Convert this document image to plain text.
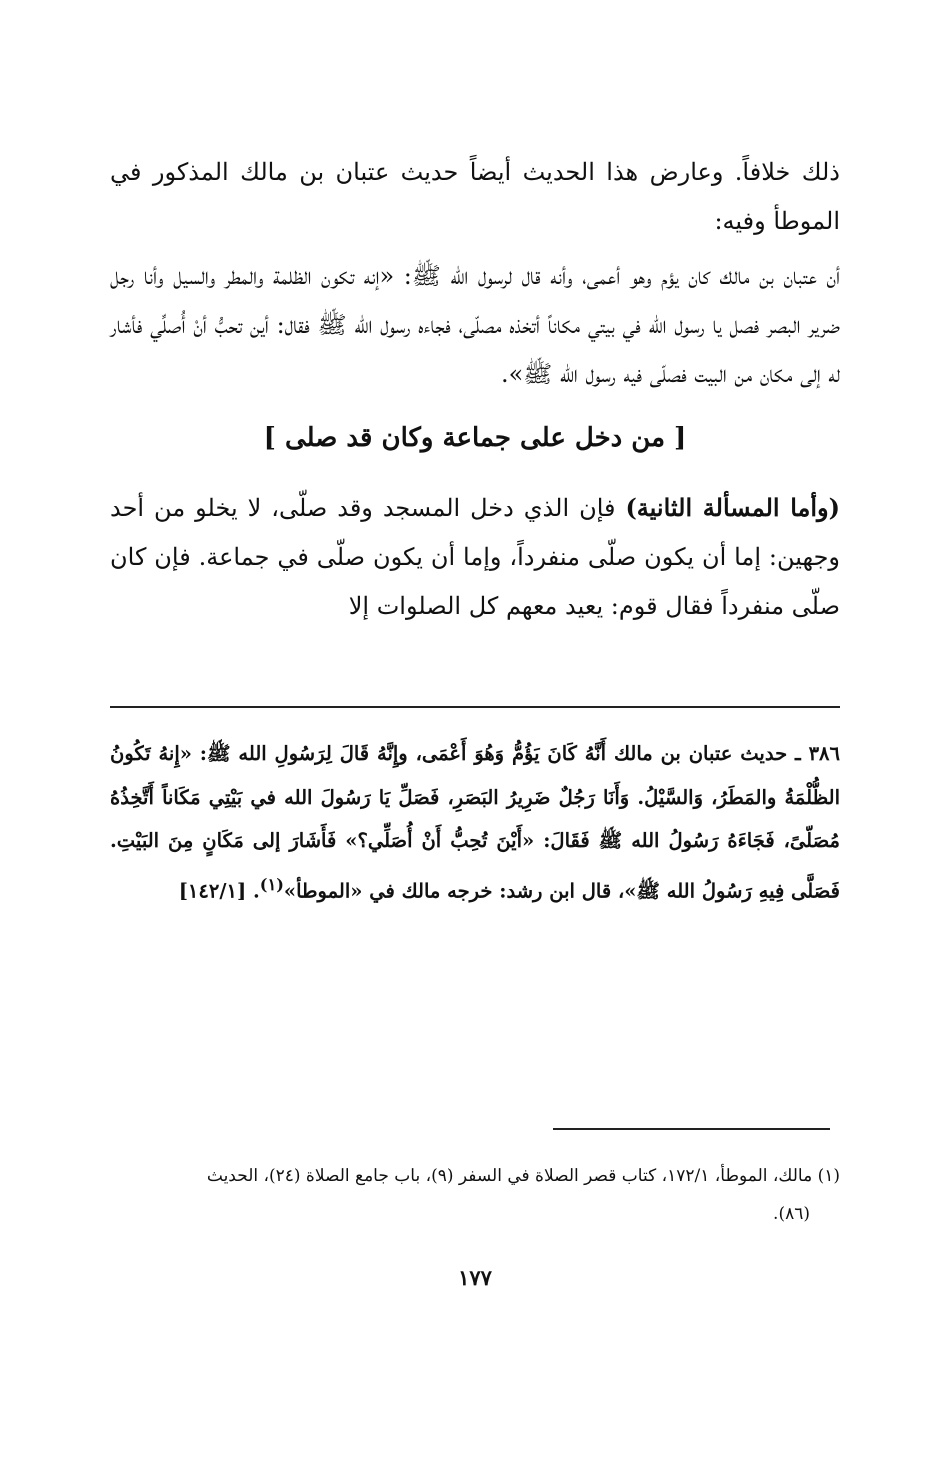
ذلك خلافاً. وعارض هذا الحديث أيضاً حديث عتبان بن مالك المذكور في الموطأ وفيه:

أن عتبان بن مالك كان يؤم وهو أعمى، وأنه قال لرسول الله ﷺ: «إنه تكون الظلمة والمطر والسيل وأنا رجل ضرير البصر فصل يا رسول الله في بيتي مكاناً أتخذه مصلّى، فجاءه رسول الله ﷺ فقال: أين تحبُّ أنْ أُصلِّي فأشار له إلى مكان من البيت فصلّى فيه رسول الله ﷺ».

[ من دخل على جماعة وكان قد صلى ]

(وأما المسألة الثانية) فإن الذي دخل المسجد وقد صلّى، لا يخلو من أحد وجهين: إما أن يكون صلّى منفرداً، وإما أن يكون صلّى في جماعة. فإن كان صلّى منفرداً فقال قوم: يعيد معهم كل الصلوات إلا

٣٨٦ ـ حديث عتبان بن مالك أَنَّهُ كَانَ يَؤُمُّ وَهُوَ أَعْمَى، وإِنَّهُ قَالَ لِرَسُولِ الله ﷺ: «إِنهُ تَكُونُ الظُّلْمَةُ والمَطَرُ، وَالسَّيْلُ. وَأَنَا رَجُلٌ ضَرِيرُ البَصَرِ، فَصَلِّ يَا رَسُولَ الله في بَيْتِي مَكَاناً أَتَّخِذُهُ مُصَلّىً، فَجَاءَهُ رَسُولُ الله ﷺ فَقَالَ: «أَيْنَ تُحِبُّ أَنْ أُصَلِّي؟» فَأَشَارَ إلى مَكَانٍ مِنَ البَيْتِ. فَصَلَّى فِيهِ رَسُولُ الله ﷺ»، قال ابن رشد: خرجه مالك في «الموطأ»$^{(١)}$. [١٤٢/١]

(١) مالك، الموطأ، ١٧٢/١، كتاب قصر الصلاة في السفر (٩)، باب جامع الصلاة (٢٤)، الحديث
(٨٦).

١٧٧
